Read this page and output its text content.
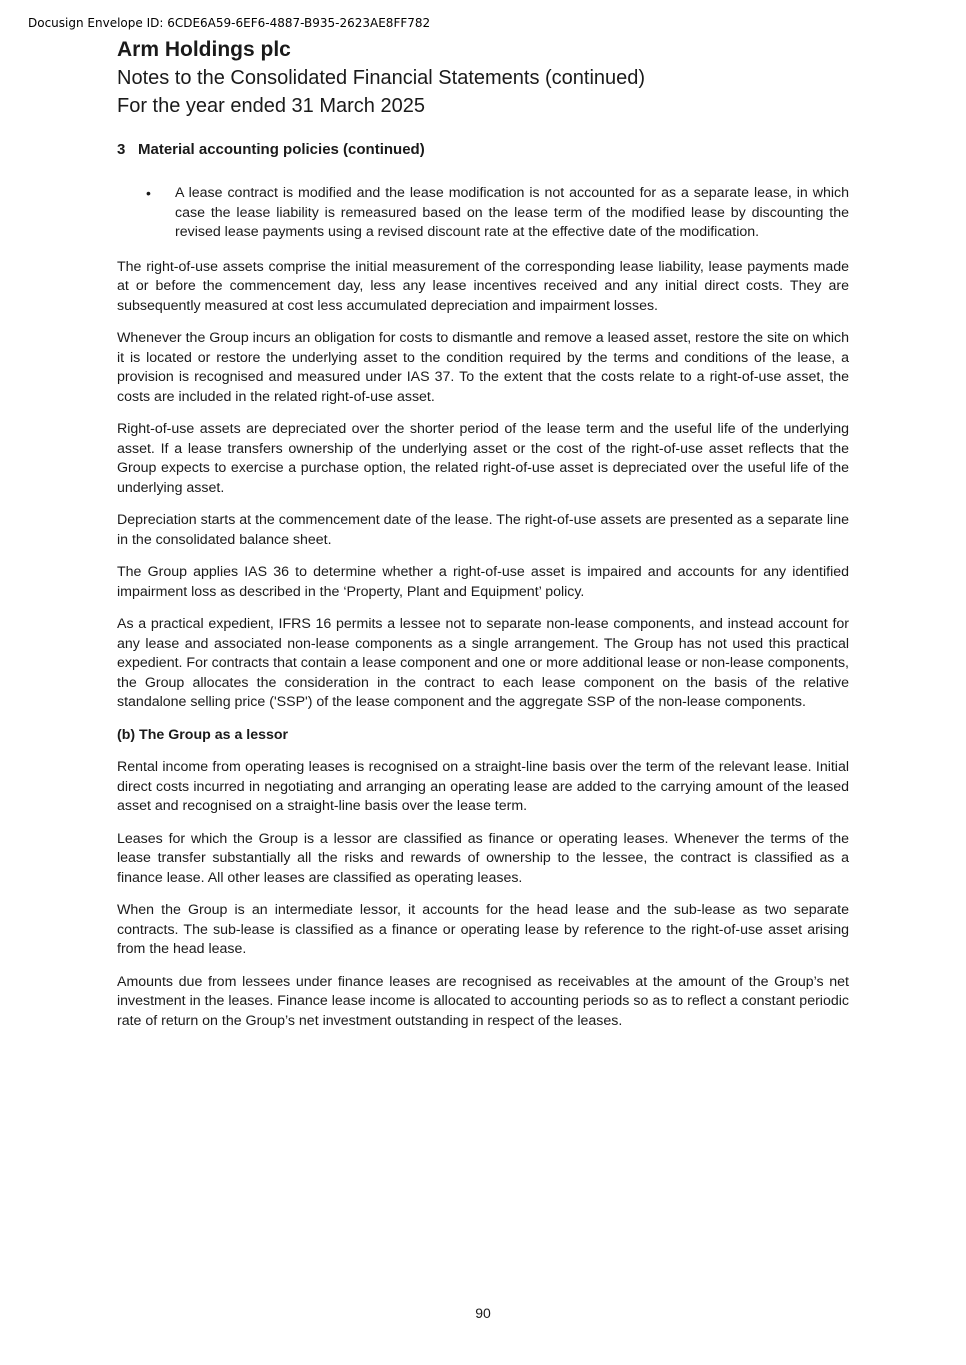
Docusign Envelope ID: 6CDE6A59-6EF6-4887-B935-2623AE8FF782
Arm Holdings plc
Notes to the Consolidated Financial Statements (continued)
For the year ended 31 March 2025
3 Material accounting policies (continued)
• A lease contract is modified and the lease modification is not accounted for as a separate lease, in which case the lease liability is remeasured based on the lease term of the modified lease by discounting the revised lease payments using a revised discount rate at the effective date of the modification.

The right-of-use assets comprise the initial measurement of the corresponding lease liability, lease payments made at or before the commencement day, less any lease incentives received and any initial direct costs. They are subsequently measured at cost less accumulated depreciation and impairment losses.

Whenever the Group incurs an obligation for costs to dismantle and remove a leased asset, restore the site on which it is located or restore the underlying asset to the condition required by the terms and conditions of the lease, a provision is recognised and measured under IAS 37. To the extent that the costs relate to a right-of-use asset, the costs are included in the related right-of-use asset.

Right-of-use assets are depreciated over the shorter period of the lease term and the useful life of the underlying asset. If a lease transfers ownership of the underlying asset or the cost of the right-of-use asset reflects that the Group expects to exercise a purchase option, the related right-of-use asset is depreciated over the useful life of the underlying asset.

Depreciation starts at the commencement date of the lease. The right-of-use assets are presented as a separate line in the consolidated balance sheet.

The Group applies IAS 36 to determine whether a right-of-use asset is impaired and accounts for any identified impairment loss as described in the ‘Property, Plant and Equipment’ policy.

As a practical expedient, IFRS 16 permits a lessee not to separate non-lease components, and instead account for any lease and associated non-lease components as a single arrangement. The Group has not used this practical expedient. For contracts that contain a lease component and one or more additional lease or non-lease components, the Group allocates the consideration in the contract to each lease component on the basis of the relative standalone selling price ('SSP') of the lease component and the aggregate SSP of the non-lease components.

(b) The Group as a lessor

Rental income from operating leases is recognised on a straight-line basis over the term of the relevant lease. Initial direct costs incurred in negotiating and arranging an operating lease are added to the carrying amount of the leased asset and recognised on a straight-line basis over the lease term.

Leases for which the Group is a lessor are classified as finance or operating leases. Whenever the terms of the lease transfer substantially all the risks and rewards of ownership to the lessee, the contract is classified as a finance lease. All other leases are classified as operating leases.

When the Group is an intermediate lessor, it accounts for the head lease and the sub-lease as two separate contracts. The sub-lease is classified as a finance or operating lease by reference to the right-of-use asset arising from the head lease.

Amounts due from lessees under finance leases are recognised as receivables at the amount of the Group’s net investment in the leases. Finance lease income is allocated to accounting periods so as to reflect a constant periodic rate of return on the Group’s net investment outstanding in respect of the leases.

90
